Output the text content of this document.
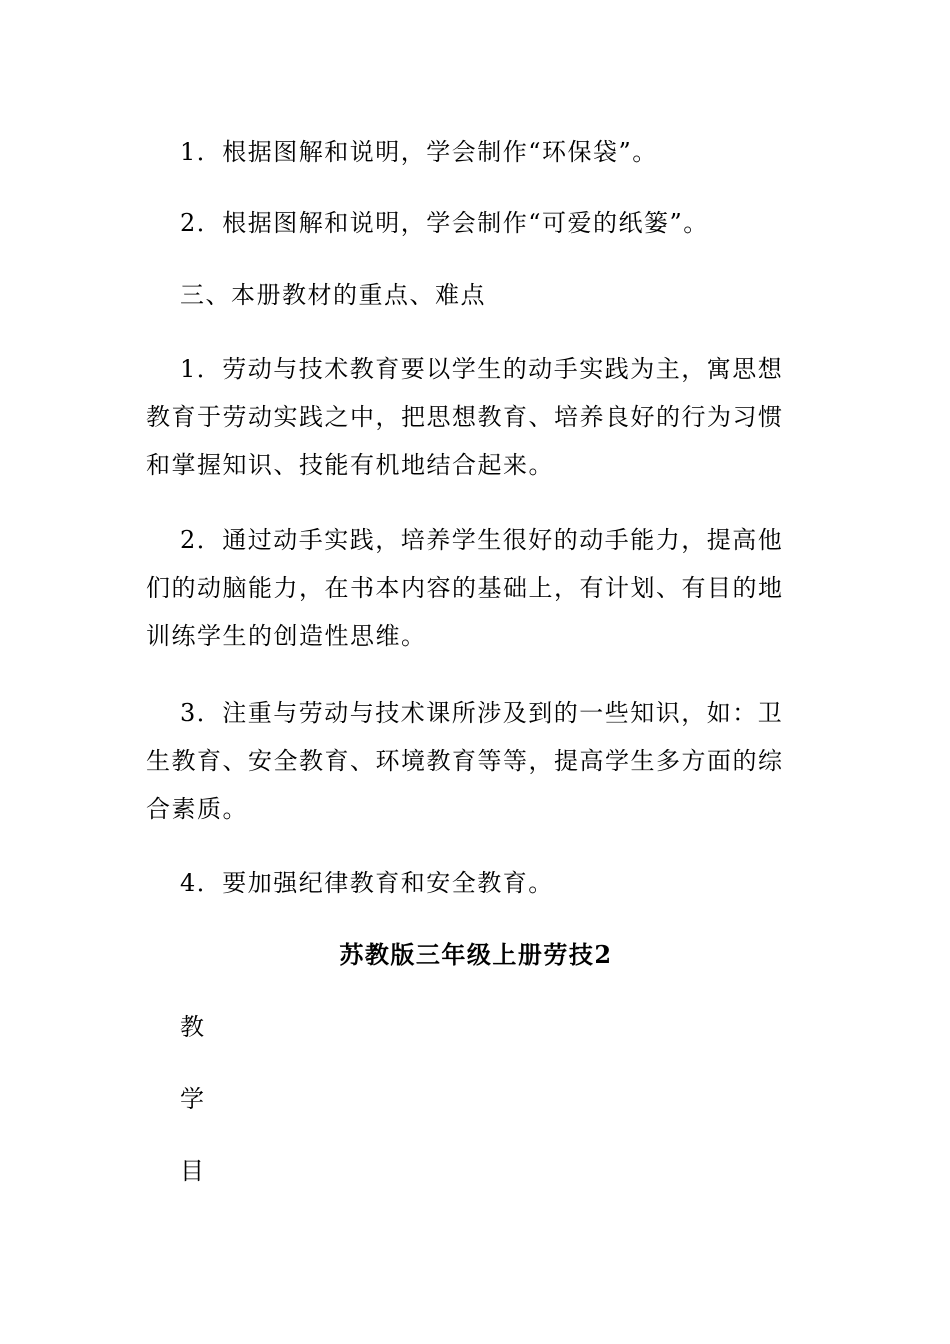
1．根据图解和说明，学会制作“环保袋”。

2．根据图解和说明，学会制作“可爱的纸篓”。

三、本册教材的重点、难点

1．劳动与技术教育要以学生的动手实践为主，寓思想教育于劳动实践之中，把思想教育、培养良好的行为习惯和掌握知识、技能有机地结合起来。

2．通过动手实践，培养学生很好的动手能力，提高他们的动脑能力，在书本内容的基础上，有计划、有目的地训练学生的创造性思维。

3．注重与劳动与技术课所涉及到的一些知识，如：卫生教育、安全教育、环境教育等等，提高学生多方面的综合素质。

4．要加强纪律教育和安全教育。

苏教版三年级上册劳技2

教

学

目
